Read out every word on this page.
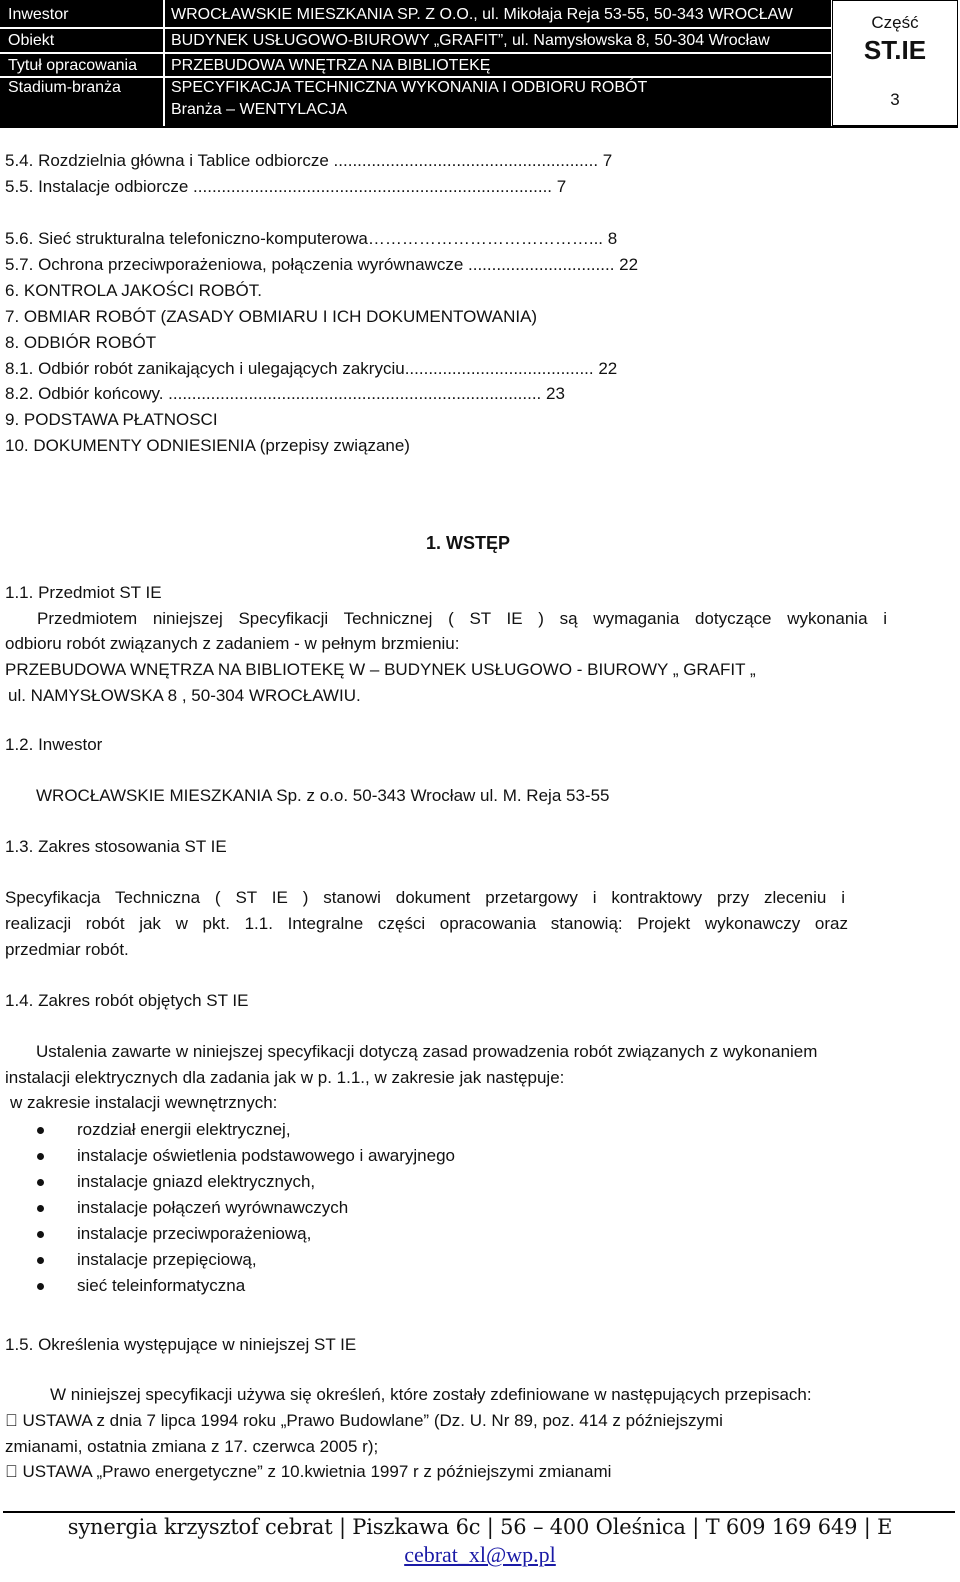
Inwestor	WROCŁAWSKIE MIESZKANIA SP. Z O.O., ul. Mikołaja Reja 53-55, 50-343 WROCŁAW
Obiekt	BUDYNEK USŁUGOWO-BIUROWY „GRAFIT”, ul. Namysłowska 8, 50-304 Wrocław
Tytuł opracowania PRZEBUDOWA WNĘTRZA NA BIBLIOTEKĘ
Stadium-branża	SPECYFIKACJA TECHNICZNA WYKONANIA I ODBIORU ROBÓT
Branża – WENTYLACJA
Część
ST.IE
3
5.4. Rozdzielnia główna i Tablice odbiorcze ........................................................ 7
5.5. Instalacje odbiorcze ............................................................................ 7
5.6. Sieć strukturalna telefoniczno-komputerowa…………………………………... 8
5.7. Ochrona przeciwporażeniowa, połączenia wyrównawcze ............................... 22
6. KONTROLA JAKOŚCI ROBÓT.
7. OBMIAR ROBÓT (ZASADY OBMIARU I ICH DOKUMENTOWANIA)
8. ODBIÓR ROBÓT
8.1. Odbiór robót zanikających i ulegających zakryciu........................................ 22
8.2. Odbiór końcowy. ............................................................................... 23
9. PODSTAWA PŁATNOSCI
10. DOKUMENTY ODNIESIENIA (przepisy związane)
1. WSTĘP
1.1. Przedmiot ST IE
Przedmiotem niniejszej Specyfikacji Technicznej ( ST IE ) są wymagania dotyczące wykonania i
odbioru robót związanych z zadaniem - w pełnym brzmieniu:
PRZEBUDOWA WNĘTRZA NA BIBLIOTEKĘ W – BUDYNEK USŁUGOWO - BIUROWY „ GRAFIT „
ul. NAMYSŁOWSKA 8 , 50-304 WROCŁAWIU.
1.2. Inwestor
WROCŁAWSKIE MIESZKANIA Sp. z o.o. 50-343 Wrocław ul. M. Reja 53-55
1.3. Zakres stosowania ST IE
Specyfikacja Techniczna ( ST IE ) stanowi dokument przetargowy i kontraktowy przy zleceniu i
realizacji robót jak w pkt. 1.1. Integralne części opracowania stanowią: Projekt wykonawczy oraz
przedmiar robót.
1.4. Zakres robót objętych ST IE
Ustalenia zawarte w niniejszej specyfikacji dotyczą zasad prowadzenia robót związanych z wykonaniem
instalacji elektrycznych dla zadania jak w p. 1.1., w zakresie jak następuje:
w zakresie instalacji wewnętrznych:
rozdział energii elektrycznej,
instalacje oświetlenia podstawowego i awaryjnego
instalacje gniazd elektrycznych,
instalacje połączeń wyrównawczych
instalacje przeciwporażeniową,
instalacje przepięciową,
sieć teleinformatyczna
1.5. Określenia występujące w niniejszej ST IE
W niniejszej specyfikacji używa się określeń, które zostały zdefiniowane w następujących przepisach:
  USTAWA z dnia 7 lipca 1994 roku „Prawo Budowlane” (Dz. U. Nr 89, poz. 414 z późniejszymi
zmianami, ostatnia zmiana z 17. czerwca 2005 r);
  USTAWA „Prawo energetyczne” z 10.kwietnia 1997 r z późniejszymi zmianami
synergia krzysztof cebrat | Piszkawa 6c | 56 – 400 Oleśnica | T 609 169 649 | E
cebrat_xl@wp.pl
